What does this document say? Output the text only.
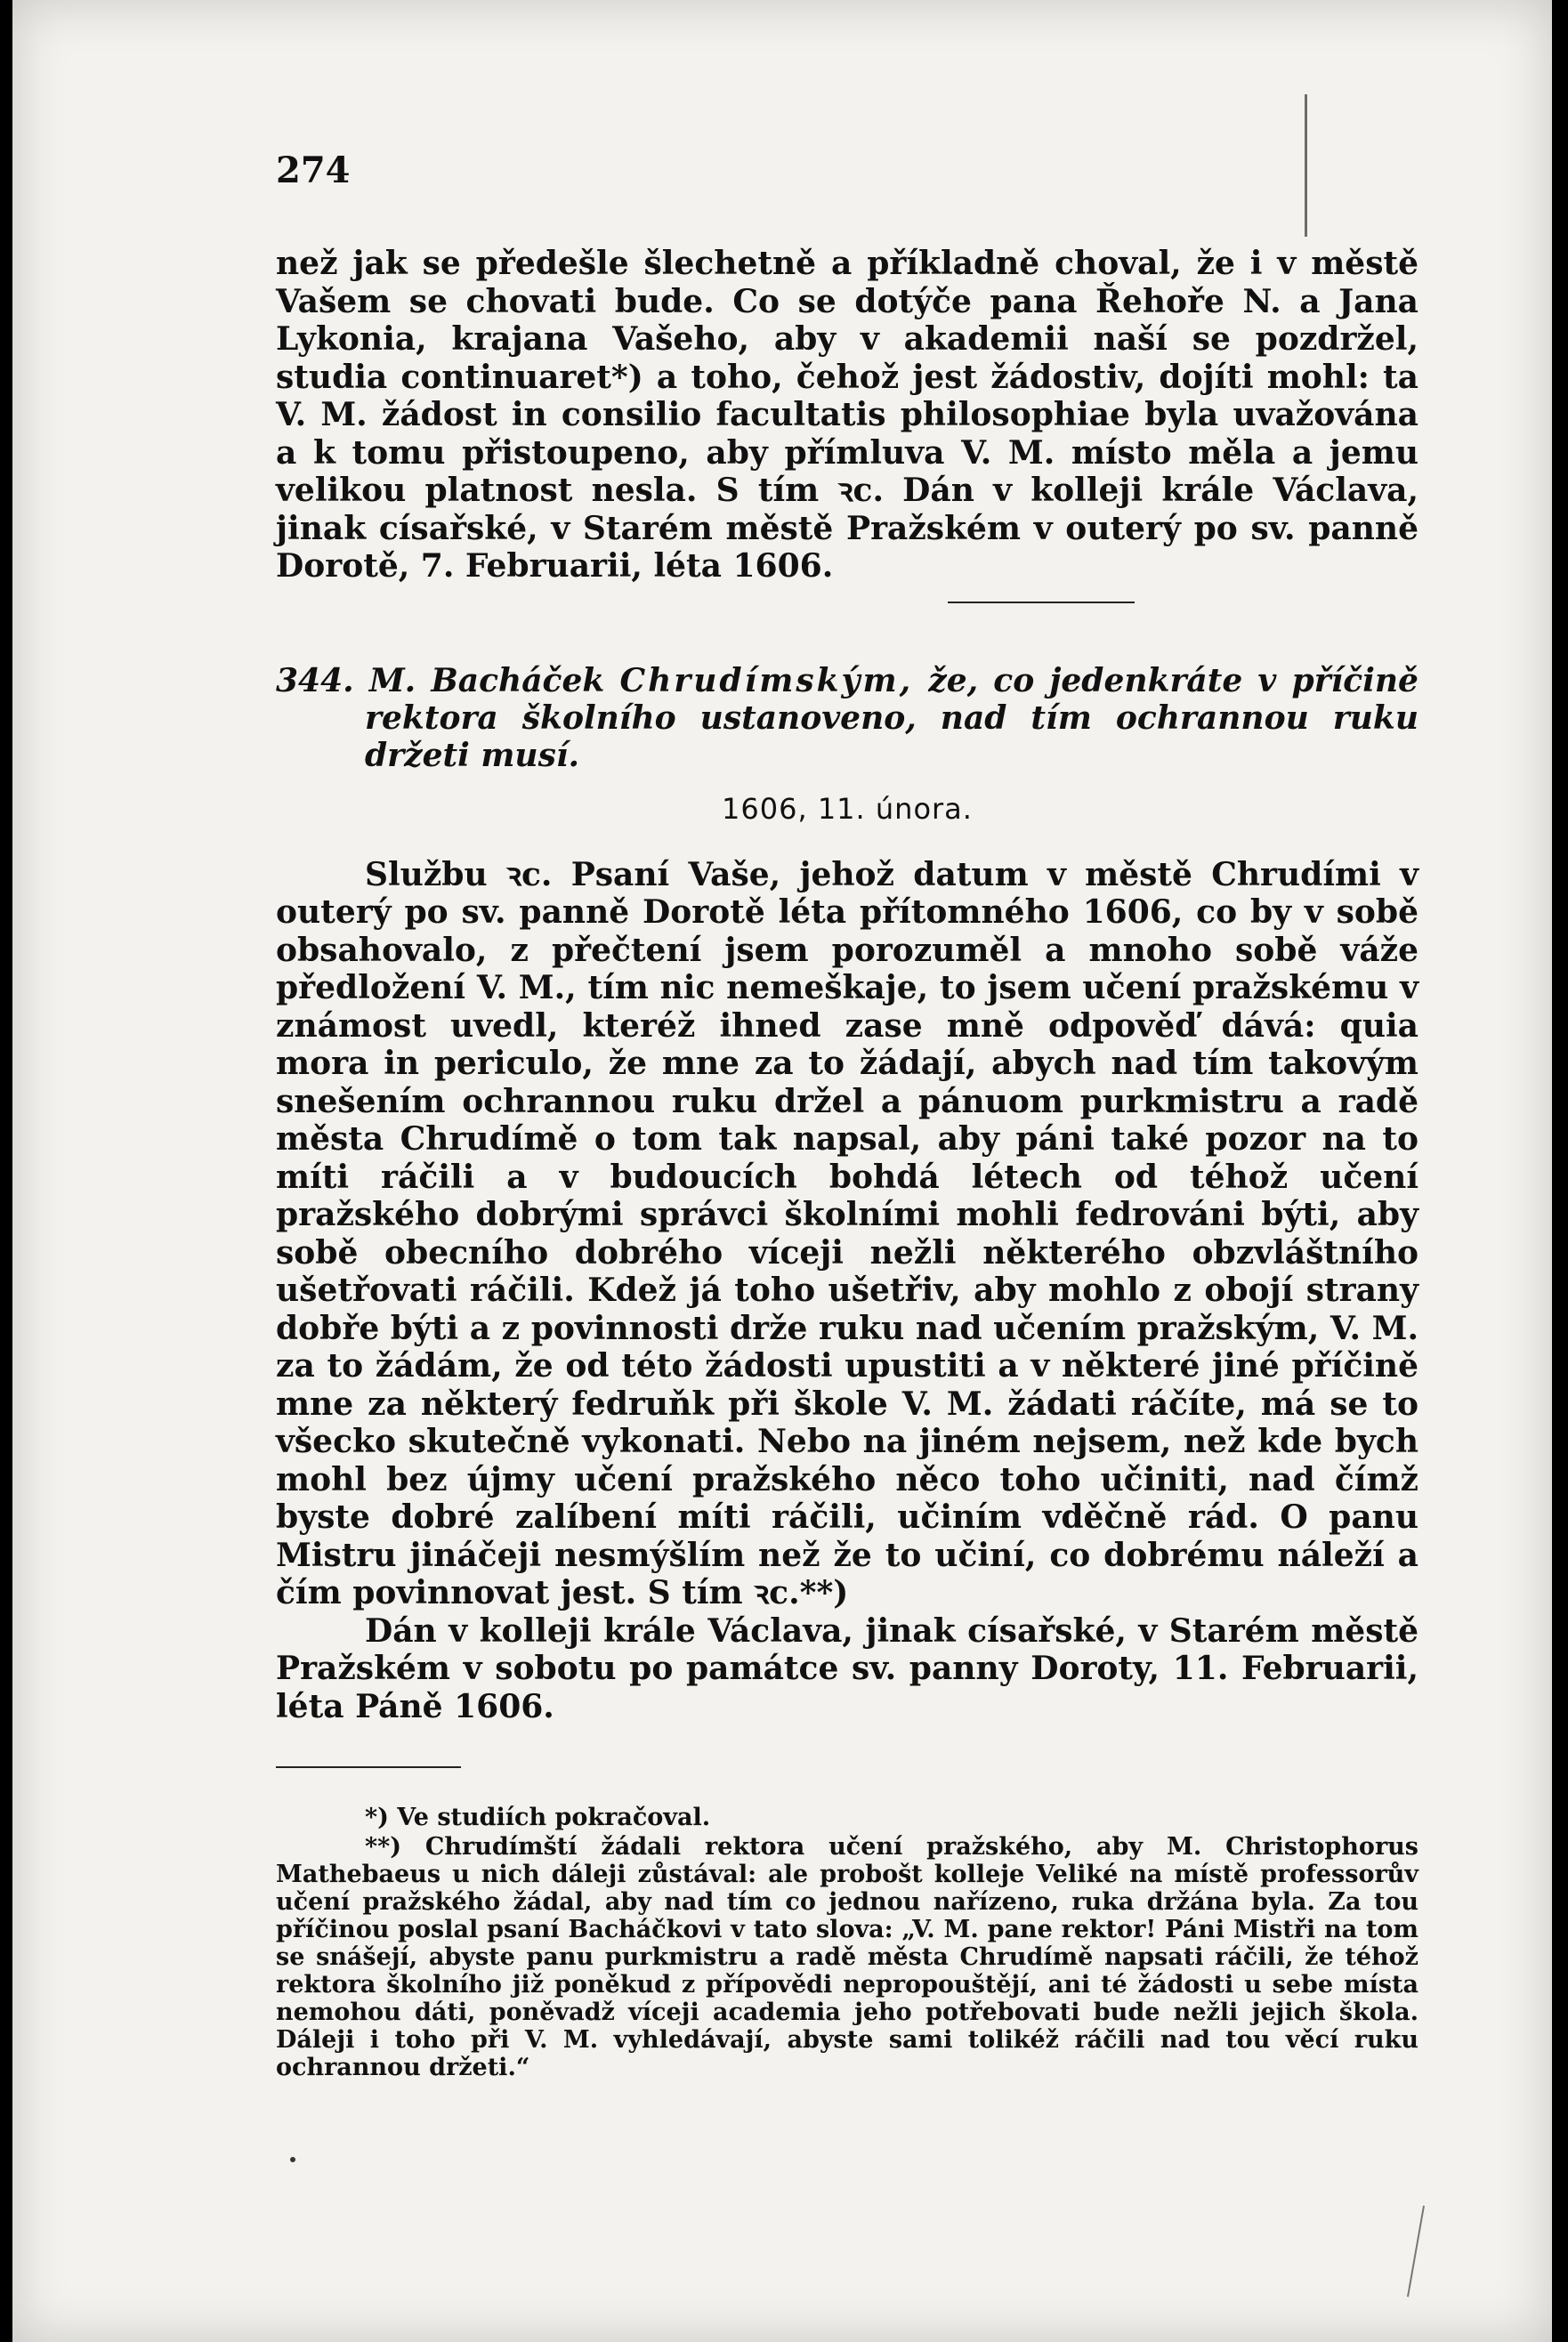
274

než jak se předešle šlechetně a příkladně choval, že i v městě Vašem se chovati bude. Co se dotýče pana Řehoře N. a Jana Lykonia, krajana Vašeho, aby v akademii naší se pozdržel, studia continuaret*) a toho, čehož jest žádostiv, dojíti mohl: ta V. M. žádost in consilio facultatis philosophiae byla uvažována a k tomu přistoupeno, aby přímluva V. M. místo měla a jemu velikou platnost nesla. S tím ꝛc. Dán v kolleji krále Václava, jinak císařské, v Starém městě Pražském v outerý po sv. panně Dorotě, 7. Februarii, léta 1606.

344. M. Bacháček Chrudímským, že, co jedenkráte v příčině rektora školního ustanoveno, nad tím ochrannou ruku držeti musí.

1606, 11. února.

Službu ꝛc. Psaní Vaše, jehož datum v městě Chrudími v outerý po sv. panně Dorotě léta přítomného 1606, co by v sobě obsahovalo, z přečtení jsem porozuměl a mnoho sobě váže předložení V. M., tím nic nemeškaje, to jsem učení pražskému v známost uvedl, kteréž ihned zase mně odpověď dává: quia mora in periculo, že mne za to žádají, abych nad tím takovým snešením ochrannou ruku držel a pánuom purkmistru a radě města Chrudímě o tom tak napsal, aby páni také pozor na to míti ráčili a v budoucích bohdá létech od téhož učení pražského dobrými správci školními mohli fedrováni býti, aby sobě obecního dobrého víceji nežli některého obzvláštního ušetřovati ráčili. Kdež já toho ušetřiv, aby mohlo z obojí strany dobře býti a z povinnosti drže ruku nad učením pražským, V. M. za to žádám, že od této žádosti upustiti a v některé jiné příčině mne za některý fedruňk při škole V. M. žádati ráčíte, má se to všecko skutečně vykonati. Nebo na jiném nejsem, než kde bych mohl bez újmy učení pražského něco toho učiniti, nad čímž byste dobré zalíbení míti ráčili, učiním vděčně rád. O panu Mistru jináčeji nesmýšlím než že to učiní, co dobrému náleží a čím povinnovat jest. S tím ꝛc.**)

Dán v kolleji krále Václava, jinak císařské, v Starém městě Pražském v sobotu po památce sv. panny Doroty, 11. Februarii, léta Páně 1606.

*) Ve studiích pokračoval.

**) Chrudímští žádali rektora učení pražského, aby M. Christophorus Mathebaeus u nich dáleji zůstával: ale probošt kolleje Veliké na místě professorův učení pražského žádal, aby nad tím co jednou nařízeno, ruka držána byla. Za tou příčinou poslal psaní Bacháčkovi v tato slova: „V. M. pane rektor! Páni Mistři na tom se snášejí, abyste panu purkmistru a radě města Chrudímě napsati ráčili, že téhož rektora školního již poněkud z přípovědi nepropouštějí, ani té žádosti u sebe místa nemohou dáti, poněvadž víceji academia jeho potřebovati bude nežli jejich škola. Dáleji i toho při V. M. vyhledávají, abyste sami tolikéž ráčili nad tou věcí ruku ochrannou držeti.“
